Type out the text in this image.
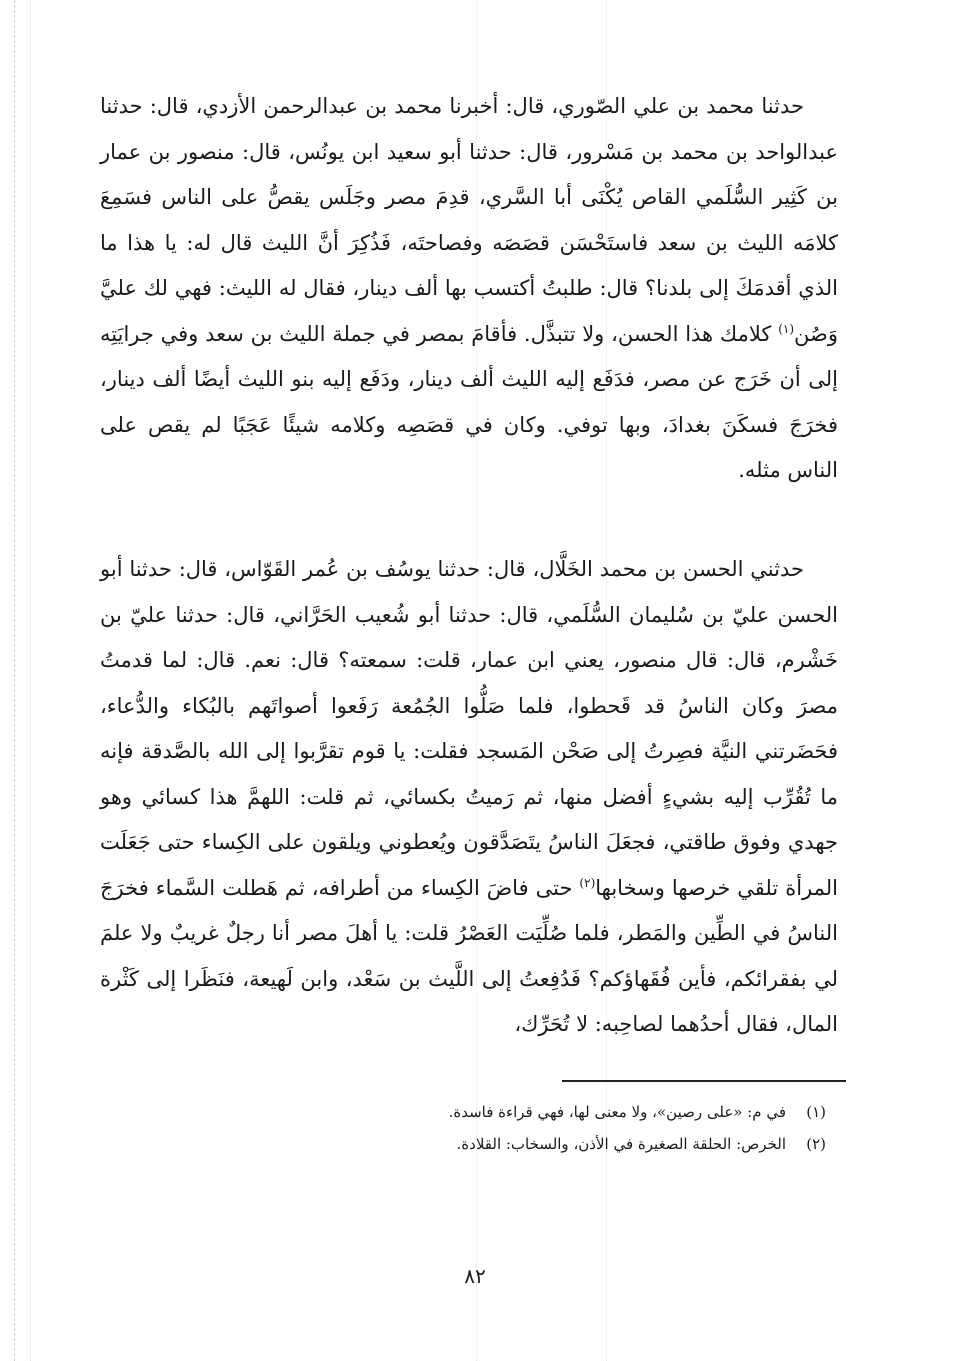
حدثنا محمد بن علي الصّوري، قال: أخبرنا محمد بن عبدالرحمن الأزدي، قال: حدثنا عبدالواحد بن محمد بن مَسْرور، قال: حدثنا أبو سعيد ابن يونُس، قال: منصور بن عمار بن كَثِير السُّلَمي القاص يُكْنَى أبا السَّري، قدِمَ مصر وجَلَس يقصُّ على الناس فسَمِعَ كلامَه الليث بن سعد فاستَحْسَن قصَصَه وفصاحتَه، فَذُكِرَ أنَّ الليث قال له: يا هذا ما الذي أقدمَكَ إلى بلدنا؟ قال: طلبتُ أكتسب بها ألف دينار، فقال له الليث: فهي لك عليَّ وَصُن$^{(١)}$ كلامك هذا الحسن، ولا تتبذَّل. فأقامَ بمصر في جملة الليث بن سعد وفي جرايَتِه إلى أن خَرَج عن مصر، فدَفَع إليه الليث ألف دينار، ودَفَع إليه بنو الليث أيضًا ألف دينار، فخرَجَ فسكَنَ بغدادَ، وبها توفي. وكان في قصَصِه وكلامه شيئًا عَجَبًا لم يقص على الناس مثله.

حدثني الحسن بن محمد الخَلَّال، قال: حدثنا يوسُف بن عُمر القَوّاس، قال: حدثنا أبو الحسن عليّ بن سُليمان السُّلَمي، قال: حدثنا أبو شُعيب الحَرَّاني، قال: حدثنا عليّ بن خَشْرم، قال: قال منصور، يعني ابن عمار، قلت: سمعته؟ قال: نعم. قال: لما قدمتُ مصرَ وكان الناسُ قد قَحطوا، فلما صَلُّوا الجُمُعة رَفَعوا أصواتَهم بالبُكاء والدُّعاء، فحَضَرتني النيَّة فصِرتُ إلى صَحْن المَسجد فقلت: يا قوم تقرَّبوا إلى الله بالصَّدقة فإنه ما تُقُرِّب إليه بشيءٍ أفضل منها، ثم رَميتُ بكسائي، ثم قلت: اللهمَّ هذا كسائي وهو جهدي وفوق طاقتي، فجعَلَ الناسُ يتَصَدَّقون ويُعطوني ويلقون على الكِساء حتى جَعَلَت المرأة تلقي خرصها وسخابها$^{(٢)}$ حتى فاضَ الكِساء من أطرافه، ثم هَطلت السَّماء فخرَجَ الناسُ في الطِّين والمَطر، فلما صُلِّيَت العَصْرُ قلت: يا أهلَ مصر أنا رجلٌ غريبٌ ولا علمَ لي بفقرائكم، فأين فُقَهاؤكم؟ فَدُفِعتُ إلى اللَّيث بن سَعْد، وابن لَهيعة، فنَظَرا إلى كَثْرة المال، فقال أحدُهما لصاحِبه: لا تُحَرِّك،

(١)
في م: «على رصين»، ولا معنى لها، فهي قراءة فاسدة.
(٢)
الخرص: الحلقة الصغيرة في الأذن، والسخاب: القلادة.
٨٢
